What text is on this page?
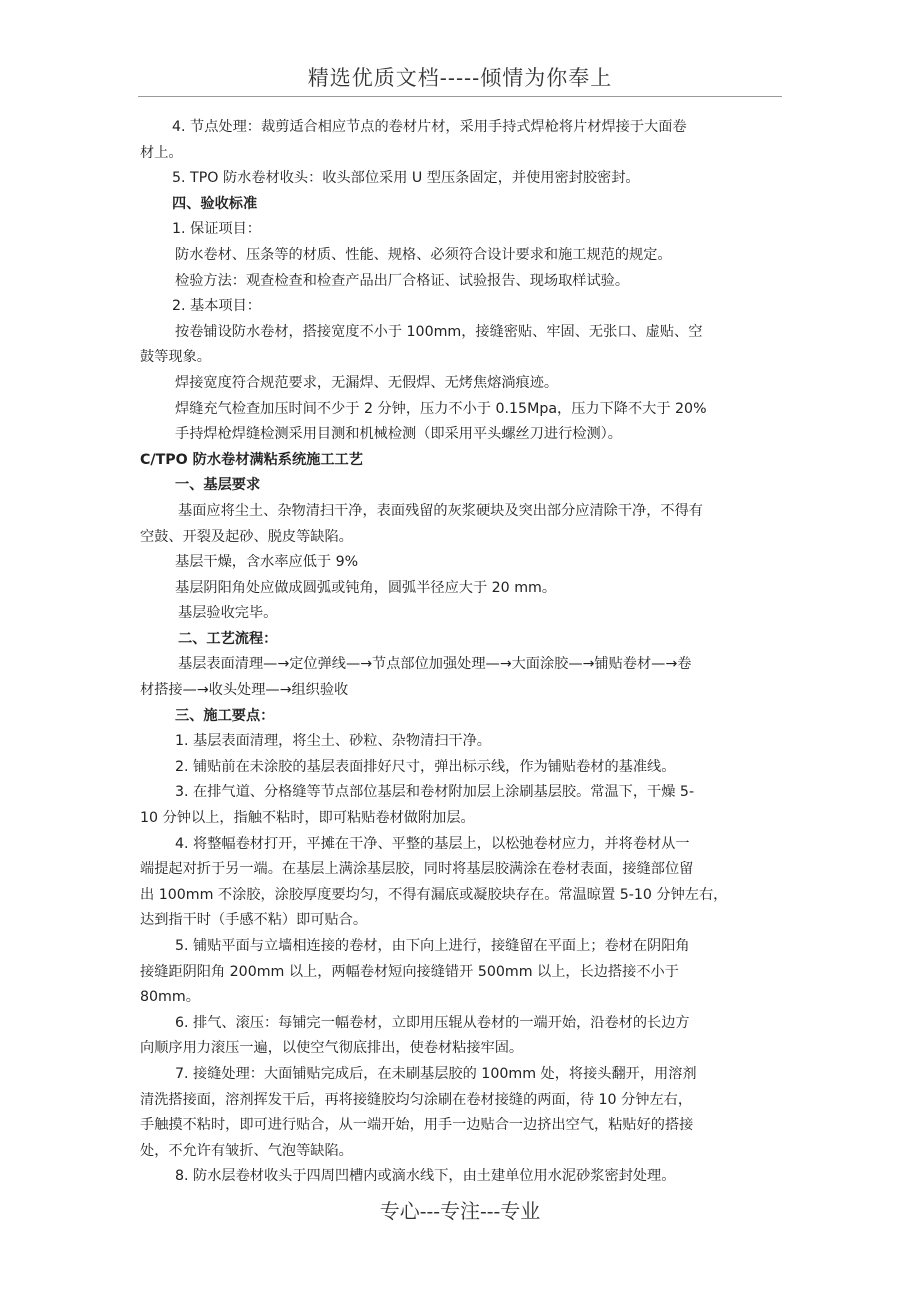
精选优质文档-----倾情为你奉上
4. 节点处理：裁剪适合相应节点的卷材片材，采用手持式焊枪将片材焊接于大面卷
材上。
5. TPO 防水卷材收头：收头部位采用 U 型压条固定，并使用密封胶密封。
四、验收标准
1. 保证项目：
防水卷材、压条等的材质、性能、规格、必须符合设计要求和施工规范的规定。
检验方法：观查检查和检查产品出厂合格证、试验报告、现场取样试验。
2. 基本项目：
按卷铺设防水卷材，搭接宽度不小于 100mm，接缝密贴、牢固、无张口、虚贴、空
鼓等现象。
焊接宽度符合规范要求，无漏焊、无假焊、无烤焦熔淌痕迹。
焊缝充气检查加压时间不少于 2 分钟，压力不小于 0.15Mpa，压力下降不大于 20%
手持焊枪焊缝检测采用目测和机械检测（即采用平头螺丝刀进行检测）。
C/TPO 防水卷材满粘系统施工工艺
一、基层要求
基面应将尘土、杂物清扫干净，表面残留的灰浆硬块及突出部分应清除干净，不得有
空鼓、开裂及起砂、脱皮等缺陷。
基层干燥，含水率应低于 9%
基层阴阳角处应做成圆弧或钝角，圆弧半径应大于 20 mm。
基层验收完毕。
二、工艺流程：
基层表面清理—→定位弹线—→节点部位加强处理—→大面涂胶—→铺贴卷材—→卷
材搭接—→收头处理—→组织验收
三、施工要点：
1. 基层表面清理，将尘土、砂粒、杂物清扫干净。
2. 铺贴前在未涂胶的基层表面排好尺寸，弹出标示线，作为铺贴卷材的基准线。
3. 在排气道、分格缝等节点部位基层和卷材附加层上涂刷基层胶。常温下，干燥 5-
10 分钟以上，指触不粘时，即可粘贴卷材做附加层。
4. 将整幅卷材打开，平摊在干净、平整的基层上，以松弛卷材应力，并将卷材从一
端提起对折于另一端。在基层上满涂基层胶，同时将基层胶满涂在卷材表面，接缝部位留
出 100mm 不涂胶，涂胶厚度要均匀，不得有漏底或凝胶块存在。常温晾置 5-10 分钟左右，
达到指干时（手感不粘）即可贴合。
5. 铺贴平面与立墙相连接的卷材，由下向上进行，接缝留在平面上；卷材在阴阳角
接缝距阴阳角 200mm 以上，两幅卷材短向接缝错开 500mm 以上，长边搭接不小于
80mm。
6. 排气、滚压：每铺完一幅卷材，立即用压辊从卷材的一端开始，沿卷材的长边方
向顺序用力滚压一遍，以使空气彻底排出，使卷材粘接牢固。
7. 接缝处理：大面铺贴完成后，在未刷基层胶的 100mm 处，将接头翻开，用溶剂
清洗搭接面，溶剂挥发干后，再将接缝胶均匀涂刷在卷材接缝的两面，待 10 分钟左右，
手触摸不粘时，即可进行贴合，从一端开始，用手一边贴合一边挤出空气，粘贴好的搭接
处，不允许有皱折、气泡等缺陷。
8. 防水层卷材收头于四周凹槽内或滴水线下，由土建单位用水泥砂浆密封处理。
专心---专注---专业
